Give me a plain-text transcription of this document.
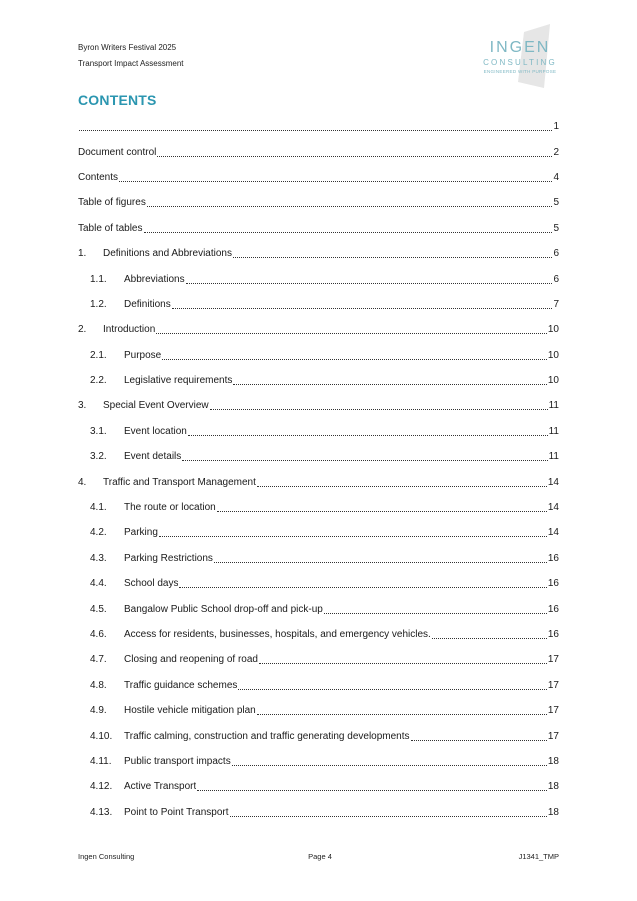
Byron Writers Festival 2025
Transport Impact Assessment
INGEN
CONSULTING
ENGINEERED WITH PURPOSE
CONTENTS
1
Document control	2
Contents	4
Table of figures	5
Table of tables	5
1.	Definitions and Abbreviations	6
1.1.	Abbreviations	6
1.2.	Definitions	7
2.	Introduction	10
2.1.	Purpose	10
2.2.	Legislative requirements	10
3.	Special Event Overview	11
3.1.	Event location	11
3.2.	Event details	11
4.	Traffic and Transport Management	14
4.1.	The route or location	14
4.2.	Parking	14
4.3.	Parking Restrictions	16
4.4.	School days	16
4.5.	Bangalow Public School drop-off and pick-up	16
4.6.	Access for residents, businesses, hospitals, and emergency vehicles.	16
4.7.	Closing and reopening of road	17
4.8.	Traffic guidance schemes	17
4.9.	Hostile vehicle mitigation plan	17
4.10.	Traffic calming, construction and traffic generating developments	17
4.11.	Public transport impacts	18
4.12.	Active Transport	18
4.13.	Point to Point Transport	18
Ingen Consulting	Page 4	J1341_TMP
